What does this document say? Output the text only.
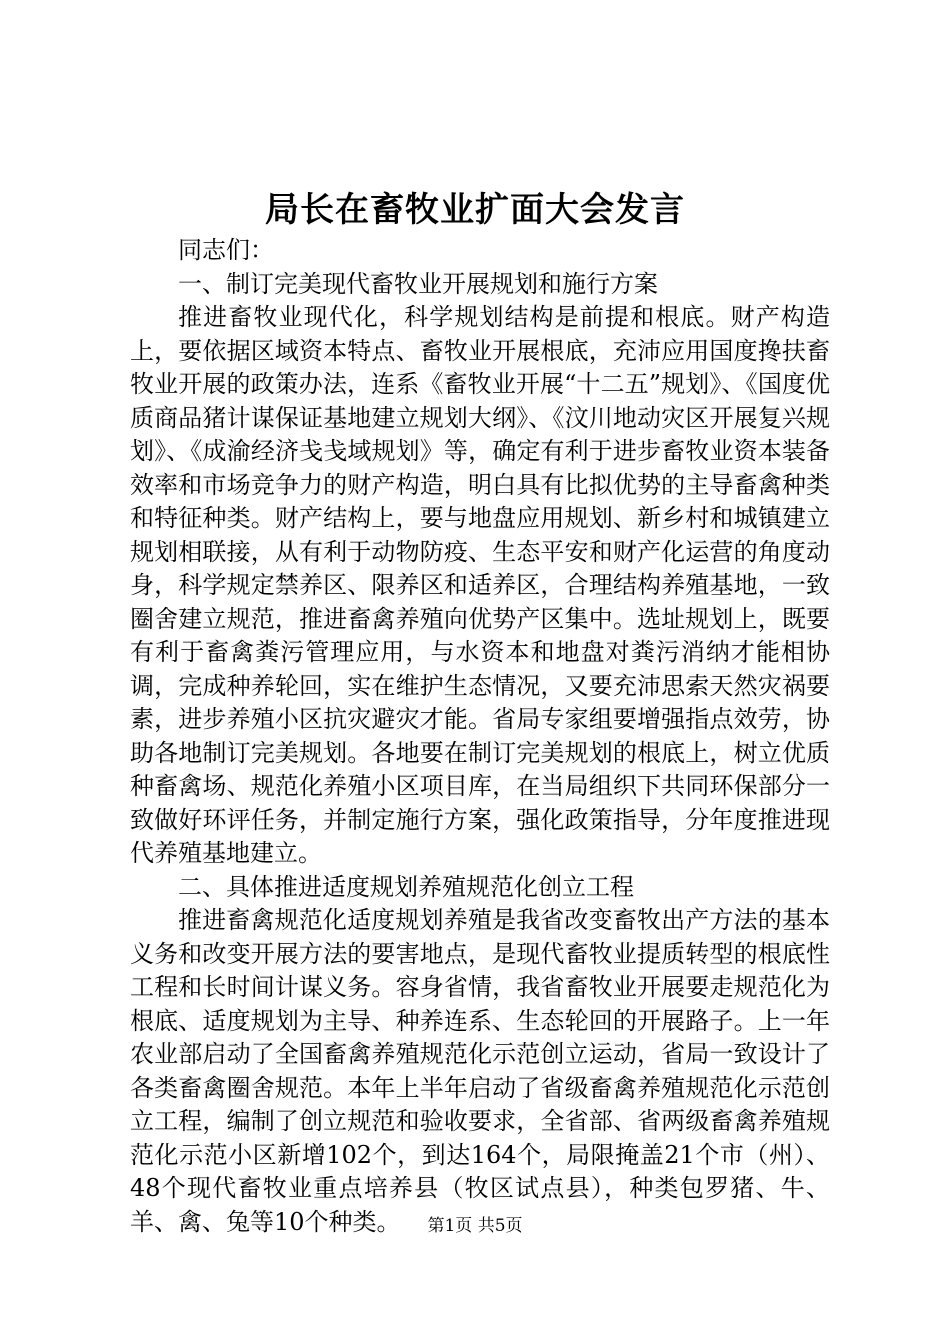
局长在畜牧业扩面大会发言

同志们：

一、制订完美现代畜牧业开展规划和施行方案

推进畜牧业现代化，科学规划结构是前提和根底。财产构造上，要依据区域资本特点、畜牧业开展根底，充沛应用国度搀扶畜牧业开展的政策办法，连系《畜牧业开展“十二五”规划》、《国度优质商品猪计谋保证基地建立规划大纲》、《汶川地动灾区开展复兴规划》、《成渝经济戋戋域规划》等，确定有利于进步畜牧业资本装备效率和市场竞争力的财产构造，明白具有比拟优势的主导畜禽种类和特征种类。财产结构上，要与地盘应用规划、新乡村和城镇建立规划相联接，从有利于动物防疫、生态平安和财产化运营的角度动身，科学规定禁养区、限养区和适养区，合理结构养殖基地，一致圈舍建立规范，推进畜禽养殖向优势产区集中。选址规划上，既要有利于畜禽粪污管理应用，与水资本和地盘对粪污消纳才能相协调，完成种养轮回，实在维护生态情况，又要充沛思索天然灾祸要素，进步养殖小区抗灾避灾才能。省局专家组要增强指点效劳，协助各地制订完美规划。各地要在制订完美规划的根底上，树立优质种畜禽场、规范化养殖小区项目库，在当局组织下共同环保部分一致做好环评任务，并制定施行方案，强化政策指导，分年度推进现代养殖基地建立。

二、具体推进适度规划养殖规范化创立工程

推进畜禽规范化适度规划养殖是我省改变畜牧出产方法的基本义务和改变开展方法的要害地点，是现代畜牧业提质转型的根底性工程和长时间计谋义务。容身省情，我省畜牧业开展要走规范化为根底、适度规划为主导、种养连系、生态轮回的开展路子。上一年农业部启动了全国畜禽养殖规范化示范创立运动，省局一致设计了各类畜禽圈舍规范。本年上半年启动了省级畜禽养殖规范化示范创立工程，编制了创立规范和验收要求，全省部、省两级畜禽养殖规范化示范小区新增102个，到达164个，局限掩盖21个市（州）、48个现代畜牧业重点培养县（牧区试点县），种类包罗猪、牛、羊、禽、兔等10个种类。	第1页 共5页
